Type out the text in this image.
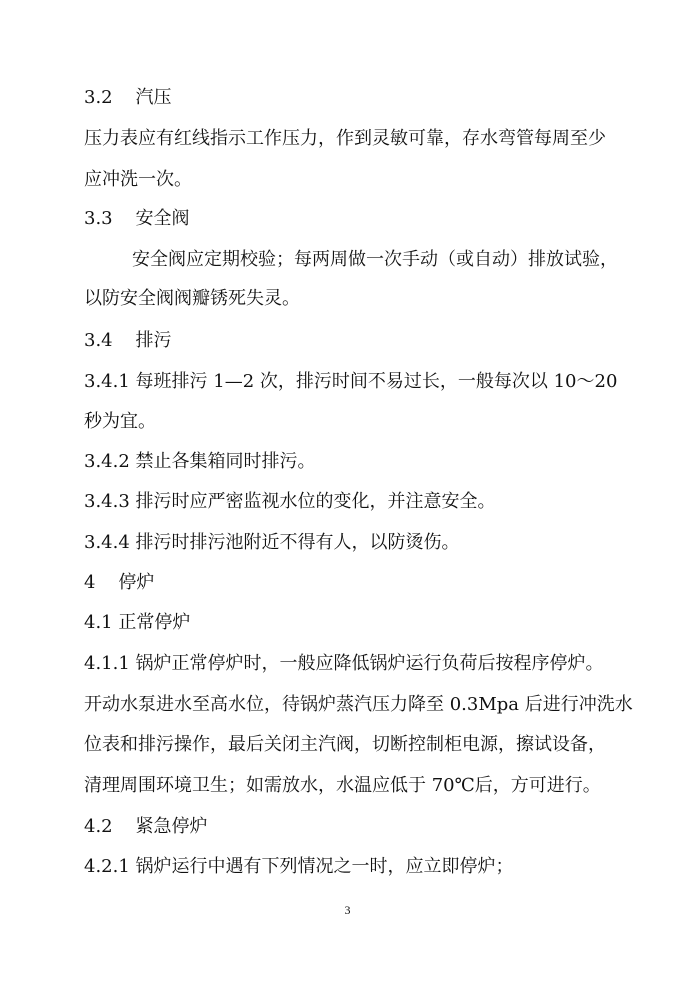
3.2    汽压
压力表应有红线指示工作压力，作到灵敏可靠，存水弯管每周至少
应冲洗一次。
3.3    安全阀
安全阀应定期校验；每两周做一次手动（或自动）排放试验，
以防安全阀阀瓣锈死失灵。
3.4    排污
3.4.1 每班排污 1—2 次，排污时间不易过长，一般每次以 10～20
秒为宜。
3.4.2 禁止各集箱同时排污。
3.4.3 排污时应严密监视水位的变化，并注意安全。
3.4.4 排污时排污池附近不得有人，以防烫伤。
4    停炉
4.1 正常停炉
4.1.1 锅炉正常停炉时，一般应降低锅炉运行负荷后按程序停炉。
开动水泵进水至高水位，待锅炉蒸汽压力降至 0.3Mpa 后进行冲洗水
位表和排污操作，最后关闭主汽阀，切断控制柜电源，擦试设备，
清理周围环境卫生；如需放水，水温应低于 70℃后，方可进行。
4.2    紧急停炉
4.2.1 锅炉运行中遇有下列情况之一时，应立即停炉；
3
